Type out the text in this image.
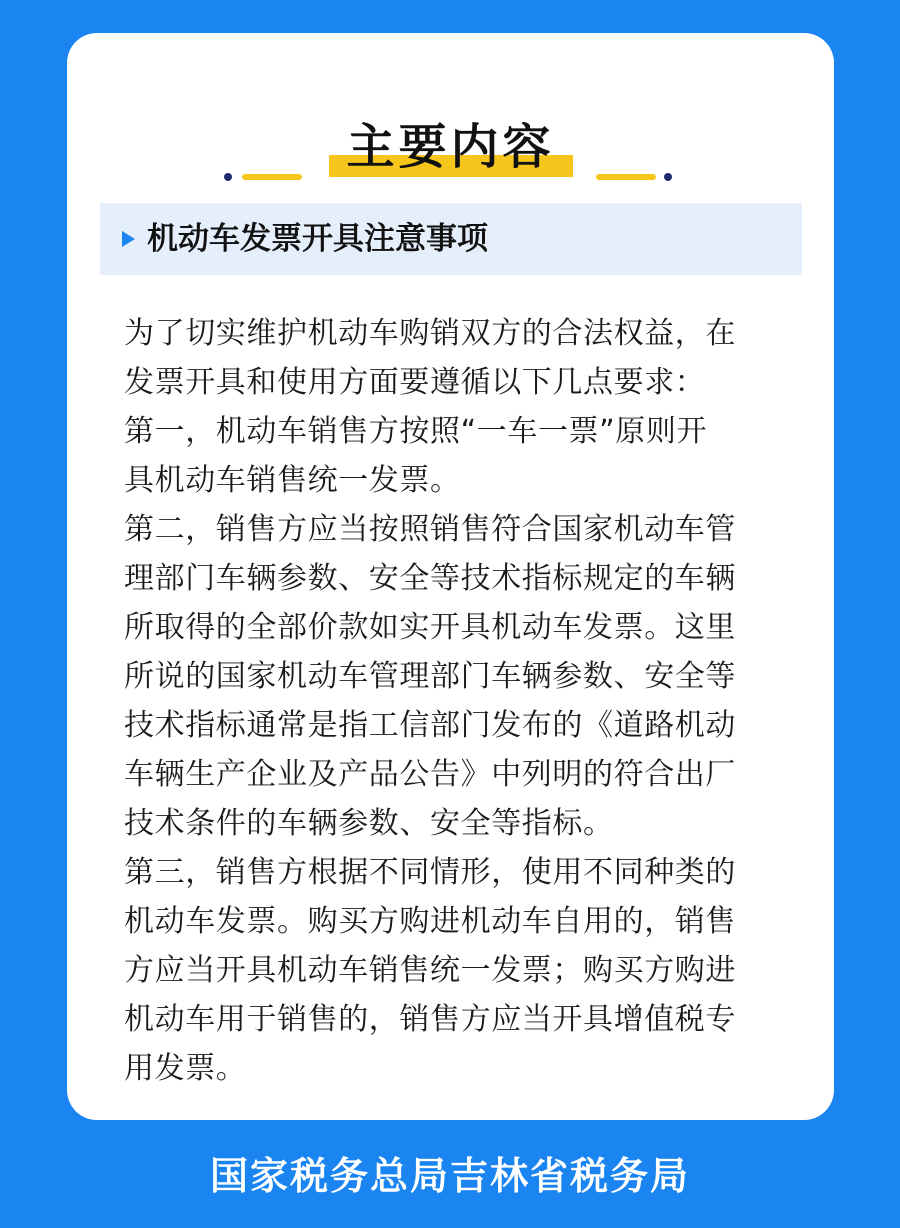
主要内容
机动车发票开具注意事项
为了切实维护机动车购销双方的合法权益，在
发票开具和使用方面要遵循以下几点要求：
第一，机动车销售方按照“一车一票”原则开
具机动车销售统一发票。
第二，销售方应当按照销售符合国家机动车管
理部门车辆参数、安全等技术指标规定的车辆
所取得的全部价款如实开具机动车发票。这里
所说的国家机动车管理部门车辆参数、安全等
技术指标通常是指工信部门发布的《道路机动
车辆生产企业及产品公告》中列明的符合出厂
技术条件的车辆参数、安全等指标。
第三，销售方根据不同情形，使用不同种类的
机动车发票。购买方购进机动车自用的，销售
方应当开具机动车销售统一发票；购买方购进
机动车用于销售的，销售方应当开具增值税专
用发票。
国家税务总局吉林省税务局
